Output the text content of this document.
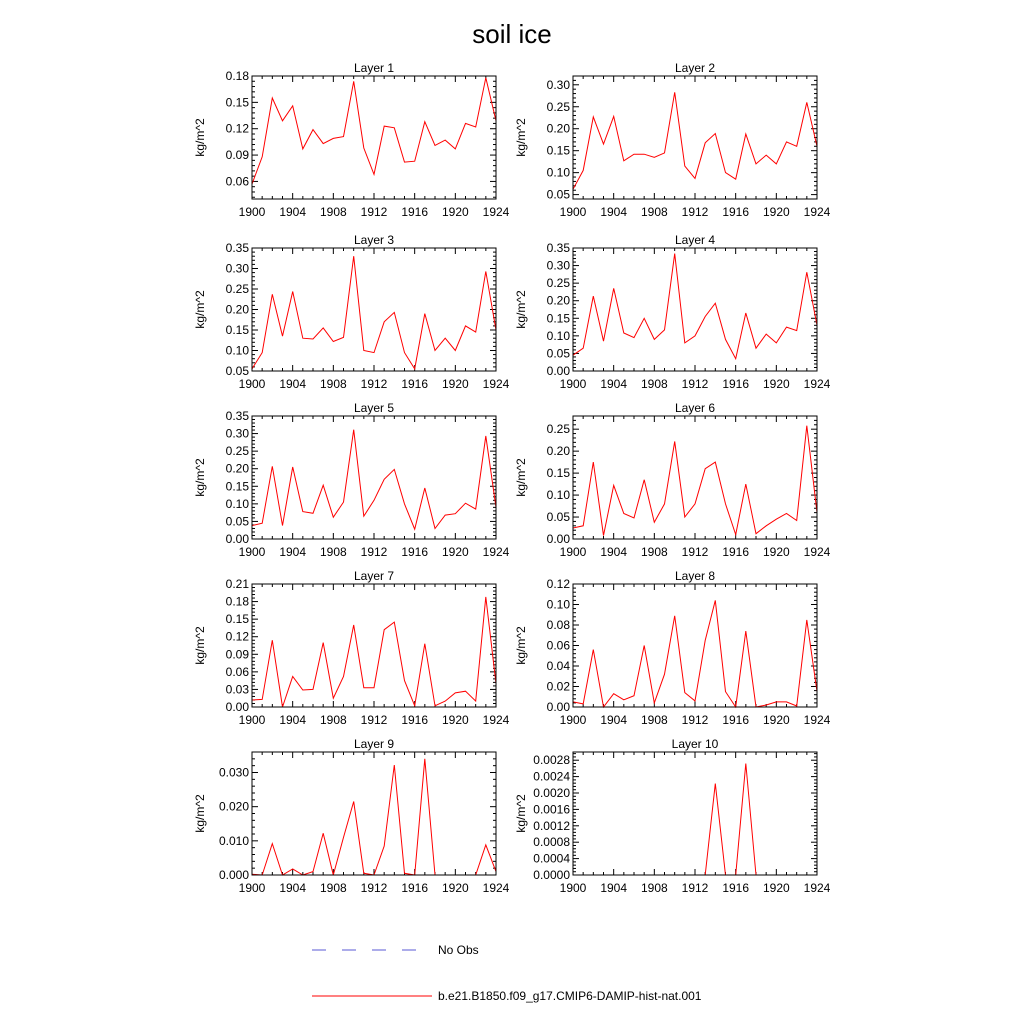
soil ice
Layer 1
1900 1904 1908 1912 1916 1920 1924
0.06
0.09
0.12
0.15
0.18
kg/m^2
Layer 2
1900 1904 1908 1912 1916 1920 1924
0.05
0.10
0.15
0.20
0.25
0.30
kg/m^2
Layer 3
1900 1904 1908 1912 1916 1920 1924
0.05
0.10
0.15
0.20
0.25
0.30
0.35
kg/m^2
Layer 4
1900 1904 1908 1912 1916 1920 1924
0.00
0.05
0.10
0.15
0.20
0.25
0.30
0.35
kg/m^2
Layer 5
1900 1904 1908 1912 1916 1920 1924
0.00
0.05
0.10
0.15
0.20
0.25
0.30
0.35
kg/m^2
Layer 6
1900 1904 1908 1912 1916 1920 1924
0.00
0.05
0.10
0.15
0.20
0.25
kg/m^2
Layer 7
1900 1904 1908 1912 1916 1920 1924
0.00
0.03
0.06
0.09
0.12
0.15
0.18
0.21
kg/m^2
Layer 8
1900 1904 1908 1912 1916 1920 1924
0.00
0.02
0.04
0.06
0.08
0.10
0.12
kg/m^2
Layer 9
1900 1904 1908 1912 1916 1920 1924
0.000
0.010
0.020
0.030
kg/m^2
Layer 10
1900 1904 1908 1912 1916 1920 1924
0.0000
0.0004
0.0008
0.0012
0.0016
0.0020
0.0024
0.0028
kg/m^2
No Obs
b.e21.B1850.f09_g17.CMIP6-DAMIP-hist-nat.001
